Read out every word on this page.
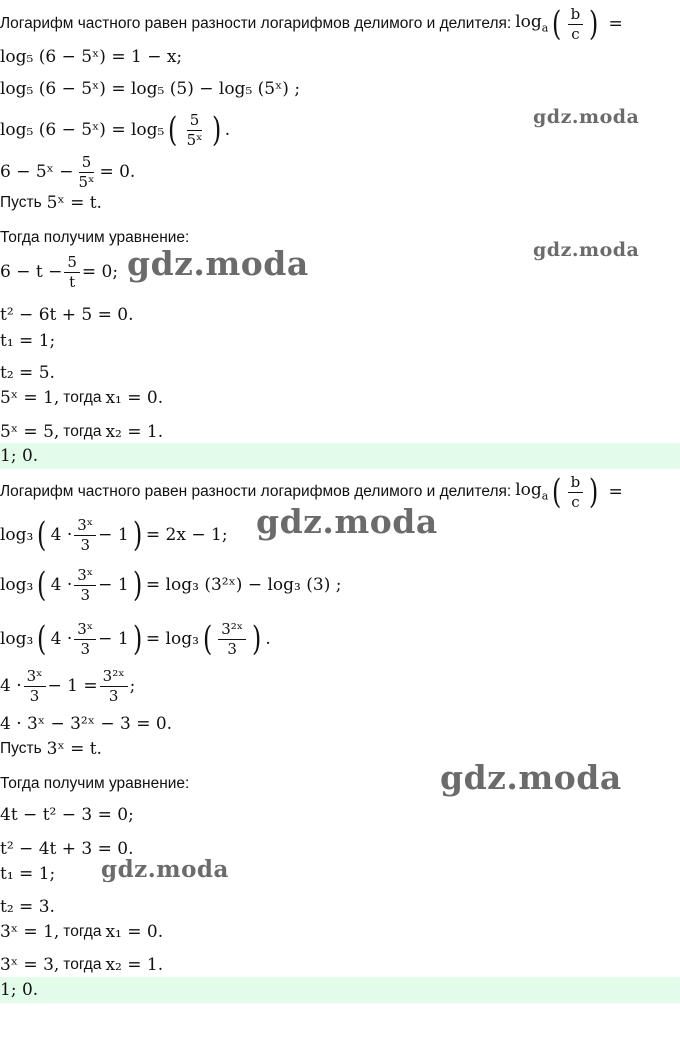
Логарифм частного равен разности логарифмов делимого и делителя: $\log_a$ ( $\frac{b}{c}$ ) =
log₅ (6 − 5ˣ) = 1 − x;
log₅ (6 − 5ˣ) = log₅ (5) − log₅ (5ˣ) ;
log₅ (6 − 5ˣ) = log₅ ( $\frac{5}{\text{5ˣ}}$ ) .
6 − 5ˣ − $\frac{5}{\text{5ˣ}} = 0$.
Пусть 5ˣ = t.
Тогда получим уравнение:
$6 - t - \frac{5}{t} = 0$;
t² − 6t + 5 = 0.
t₁ = 1;
t₂ = 5.
5ˣ = 1, тогда x₁ = 0.
5ˣ = 5, тогда x₂ = 1.
1; 0.
Логарифм частного равен разности логарифмов делимого и делителя: $\log_a$ ( $\frac{b}{c}$ ) =
log₃ ( $4 \cdot \frac{\text{3ˣ}}{3} - 1$ ) = 2x − 1;
log₃ ( $4 \cdot \frac{\text{3ˣ}}{3} - 1$ ) = log₃ (3²ˣ) − log₃ (3) ;
log₃ ( $4 \cdot \frac{\text{3ˣ}}{3} - 1$ ) = log₃ ( $\frac{\text{3²ˣ}}{3}$ ) .
$4 \cdot \frac{\text{3ˣ}}{3} - 1 = \frac{\text{3²ˣ}}{3}$ ;
4 · 3ˣ − 3²ˣ − 3 = 0.
Пусть 3ˣ = t.
Тогда получим уравнение:
4t − t² − 3 = 0;
t² − 4t + 3 = 0.
t₁ = 1;
t₂ = 3.
3ˣ = 1, тогда x₁ = 0.
3ˣ = 3, тогда x₂ = 1.
1; 0.
gdz.moda
gdz.moda
gdz.moda
gdz.moda
gdz.moda
gdz.moda
